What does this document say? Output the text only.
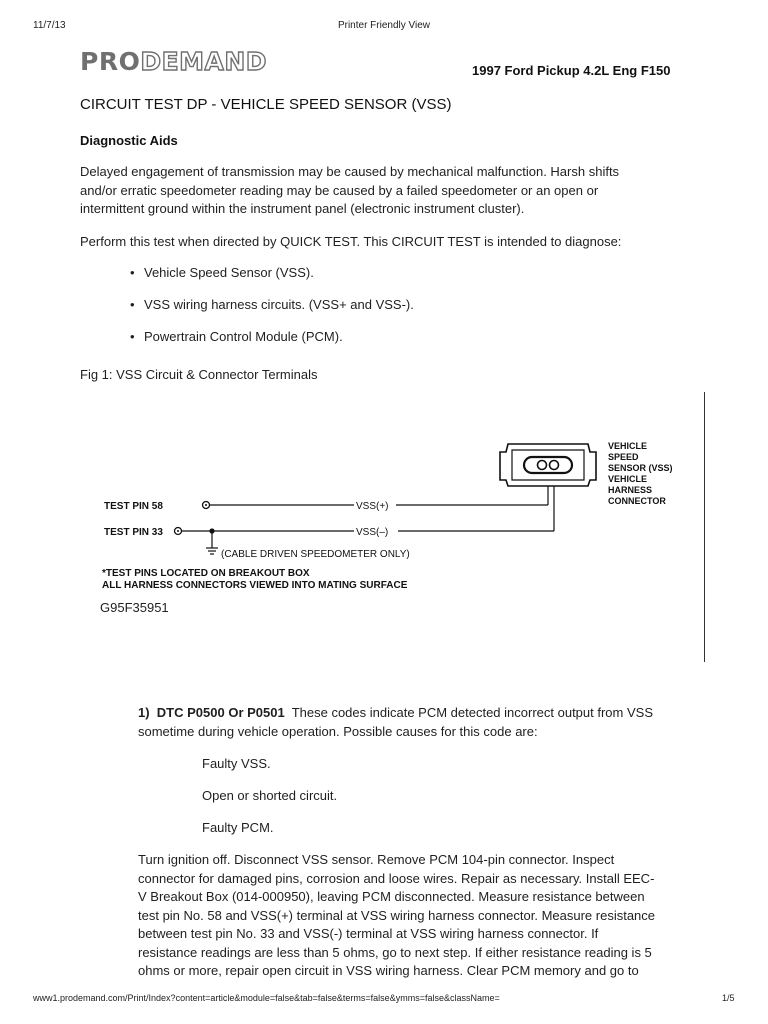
11/7/13	Printer Friendly View
PRODEMAND	1997 Ford Pickup 4.2L Eng F150
CIRCUIT TEST DP - VEHICLE SPEED SENSOR (VSS)
Diagnostic Aids
Delayed engagement of transmission may be caused by mechanical malfunction. Harsh shifts
and/or erratic speedometer reading may be caused by a failed speedometer or an open or
intermittent ground within the instrument panel (electronic instrument cluster).
Perform this test when directed by QUICK TEST. This CIRCUIT TEST is intended to diagnose:
• Vehicle Speed Sensor (VSS).
• VSS wiring harness circuits. (VSS+ and VSS-).
• Powertrain Control Module (PCM).
Fig 1: VSS Circuit & Connector Terminals
TEST PIN 58	VSS(+)
TEST PIN 33	VSS(–)
(CABLE DRIVEN SPEEDOMETER ONLY)
*TEST PINS LOCATED ON BREAKOUT BOX
ALL HARNESS CONNECTORS VIEWED INTO MATING SURFACE
G95F35951
VEHICLE
SPEED
SENSOR (VSS)
VEHICLE
HARNESS
CONNECTOR
1) DTC P0500 Or P0501 These codes indicate PCM detected incorrect output from VSS
sometime during vehicle operation. Possible causes for this code are:
Faulty VSS.
Open or shorted circuit.
Faulty PCM.
Turn ignition off. Disconnect VSS sensor. Remove PCM 104-pin connector. Inspect
connector for damaged pins, corrosion and loose wires. Repair as necessary. Install EEC-
V Breakout Box (014-000950), leaving PCM disconnected. Measure resistance between
test pin No. 58 and VSS(+) terminal at VSS wiring harness connector. Measure resistance
between test pin No. 33 and VSS(-) terminal at VSS wiring harness connector. If
resistance readings are less than 5 ohms, go to next step. If either resistance reading is 5
ohms or more, repair open circuit in VSS wiring harness. Clear PCM memory and go to
www1.prodemand.com/Print/Index?content=article&module=false&tab=false&terms=false&ymms=false&className=	1/5
